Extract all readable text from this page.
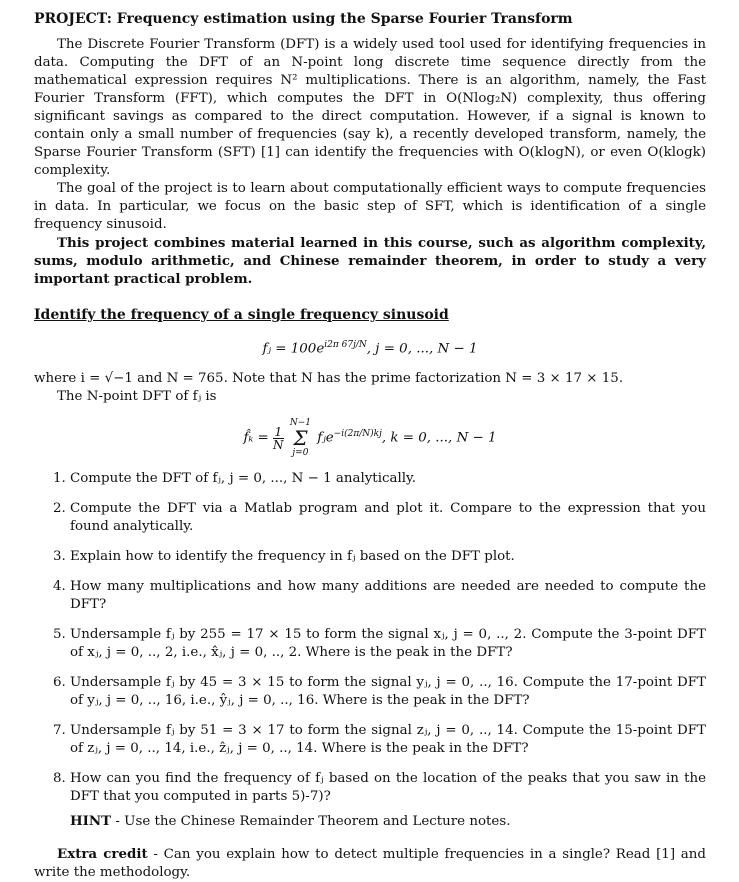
PROJECT: Frequency estimation using the Sparse Fourier Transform

The Discrete Fourier Transform (DFT) is a widely used tool used for identifying frequencies in data. Computing the DFT of an N-point long discrete time sequence directly from the mathematical expression requires N² multiplications. There is an algorithm, namely, the Fast Fourier Transform (FFT), which computes the DFT in O(Nlog₂N) complexity, thus offering significant savings as compared to the direct computation. However, if a signal is known to contain only a small number of frequencies (say k), a recently developed transform, namely, the Sparse Fourier Transform (SFT) [1] can identify the frequencies with O(klogN), or even O(klogk) complexity.

The goal of the project is to learn about computationally efficient ways to compute frequencies in data. In particular, we focus on the basic step of SFT, which is identification of a single frequency sinusoid.

This project combines material learned in this course, such as algorithm complexity, sums, modulo arithmetic, and Chinese remainder theorem, in order to study a very important practical problem.

Identify the frequency of a single frequency sinusoid
fⱼ = $100e^{i2\pi 67j/N}$, j = 0, ..., N − 1

where i = √−1 and N = 765. Note that N has the prime factorization N = 3 × 17 × 15.

The N-point DFT of fⱼ is

f̂ₖ = $\frac{1}{N}$

N−1
Σ
j=0
fⱼe$^{-i(2\pi/N)kj}$, k = 0, ..., N − 1
1. Compute the DFT of fⱼ, j = 0, ..., N − 1 analytically.
2. Compute the DFT via a Matlab program and plot it. Compare to the expression that you found analytically.
3. Explain how to identify the frequency in fⱼ based on the DFT plot.
4. How many multiplications and how many additions are needed are needed to compute the DFT?
5. Undersample fⱼ by 255 = 17 × 15 to form the signal xⱼ, j = 0, .., 2. Compute the 3-point DFT of xⱼ, j = 0, .., 2, i.e., x̂ⱼ, j = 0, .., 2. Where is the peak in the DFT?
6. Undersample fⱼ by 45 = 3 × 15 to form the signal yⱼ, j = 0, .., 16. Compute the 17-point DFT of yⱼ, j = 0, .., 16, i.e., ŷⱼ, j = 0, .., 16. Where is the peak in the DFT?
7. Undersample fⱼ by 51 = 3 × 17 to form the signal zⱼ, j = 0, .., 14. Compute the 15-point DFT of zⱼ, j = 0, .., 14, i.e., ẑⱼ, j = 0, .., 14. Where is the peak in the DFT?
8. How can you find the frequency of fⱼ based on the location of the peaks that you saw in the DFT that you computed in parts 5)-7)?
HINT - Use the Chinese Remainder Theorem and Lecture notes.

Extra credit - Can you explain how to detect multiple frequencies in a single? Read [1] and write the methodology.
